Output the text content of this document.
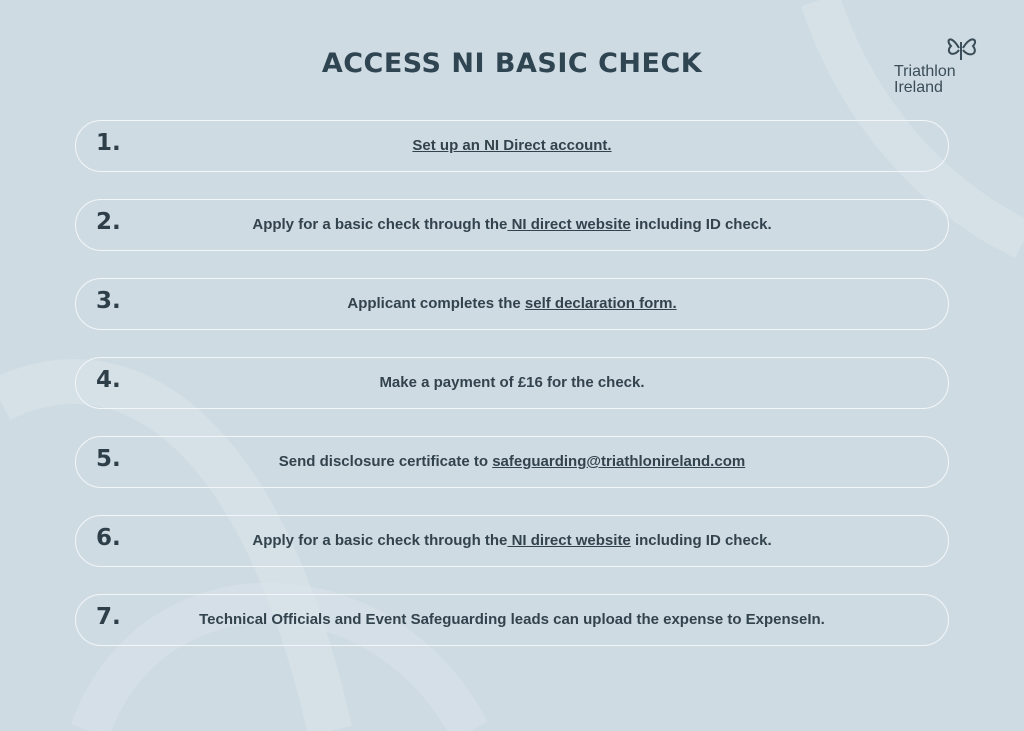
ACCESS NI BASIC CHECK	Triathlon
Ireland
1.	Set up an NI Direct account.
2.	Apply for a basic check through the NI direct website including ID check.
3.	Applicant completes the self declaration form.
4.	Make a payment of £16 for the check.
5.	Send disclosure certificate to safeguarding@triathlonireland.com
6.	Apply for a basic check through the NI direct website including ID check.
7.	Technical Officials and Event Safeguarding leads can upload the expense to ExpenseIn.
